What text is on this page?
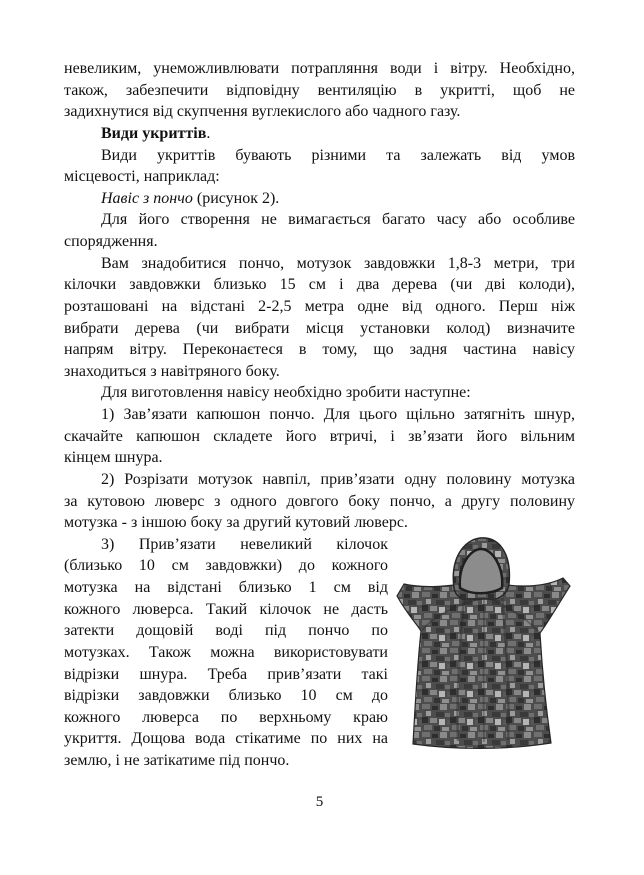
невеликим, унеможливлювати потрапляння води і вітру. Необхідно,
також, забезпечити відповідну вентиляцію в укритті, щоб не
задихнутися від скупчення вуглекислого або чадного газу.
Види укриттів.
Види укриттів бувають різними та залежать від умов
місцевості, наприклад:
Навіс з пончо (рисунок 2).
Для його створення не вимагається багато часу або особливе
спорядження.
Вам знадобитися пончо, мотузок завдовжки 1,8-3 метри, три
кілочки завдовжки близько 15 см і два дерева (чи дві колоди),
розташовані на відстані 2-2,5 метра одне від одного. Перш ніж
вибрати дерева (чи вибрати місця установки колод) визначите
напрям вітру. Переконаєтеся в тому, що задня частина навісу
знаходиться з навітряного боку.
Для виготовлення навісу необхідно зробити наступне:
1) Зав’язати капюшон пончо. Для цього щільно затягніть шнур,
скачайте капюшон складете його втричі, і зв’язати його вільним
кінцем шнура.
2) Розрізати мотузок навпіл, прив’язати одну половину мотузка
за кутовою люверс з одного довгого боку пончо, а другу половину
мотузка - з іншою боку за другий кутовий люверс.
3) Прив’язати невеликий кілочок
(близько 10 см завдовжки) до кожного
мотузка на відстані близько 1 см від
кожного люверса. Такий кілочок не дасть
затекти дощовій воді під пончо по
мотузках. Також можна використовувати
відрізки шнура. Треба прив’язати такі
відрізки завдовжки близько 10 см до
кожного люверса по верхньому краю
укриття. Дощова вода стікатиме по них на
землю, і не затікатиме під пончо.
5
